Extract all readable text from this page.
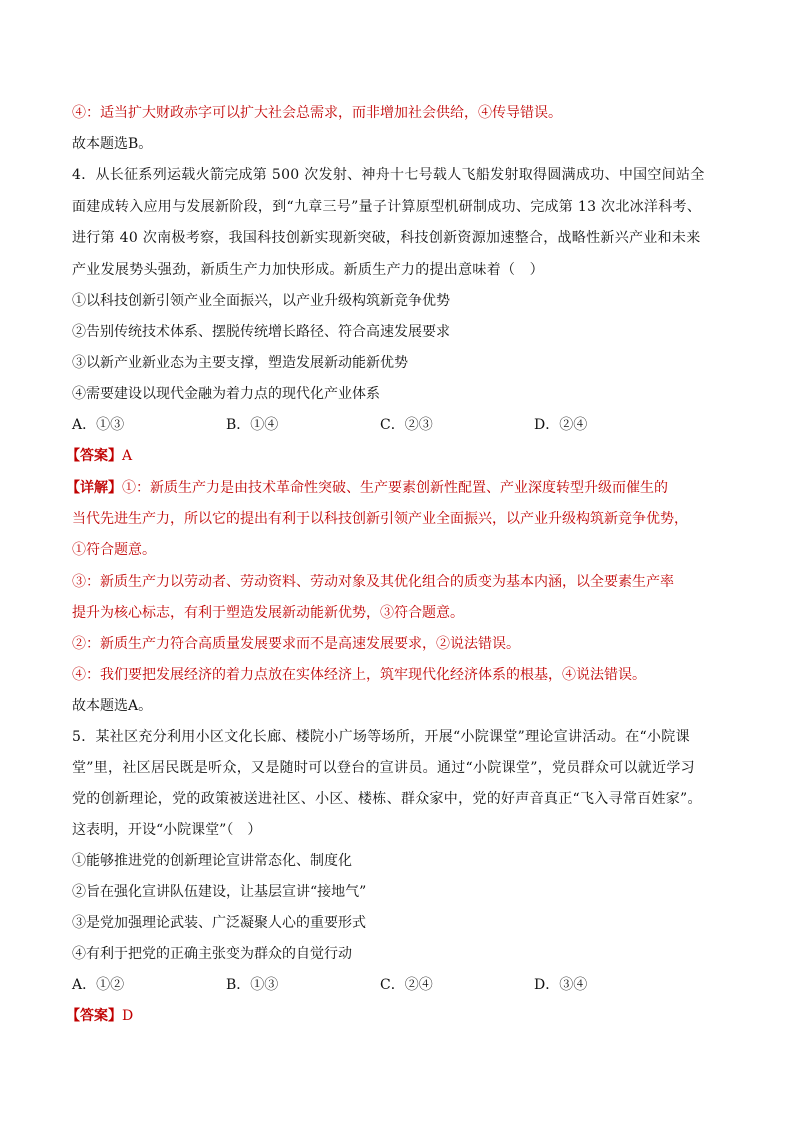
④：适当扩大财政赤字可以扩大社会总需求，而非增加社会供给，④传导错误。
故本题选B。
4．从长征系列运载火箭完成第 500 次发射、神舟十七号载人飞船发射取得圆满成功、中国空间站全
面建成转入应用与发展新阶段，到“九章三号”量子计算原型机研制成功、完成第 13 次北冰洋科考、
进行第 40 次南极考察，我国科技创新实现新突破，科技创新资源加速整合，战略性新兴产业和未来
产业发展势头强劲，新质生产力加快形成。新质生产力的提出意味着（　）
①以科技创新引领产业全面振兴，以产业升级构筑新竞争优势
②告别传统技术体系、摆脱传统增长路径、符合高速发展要求
③以新产业新业态为主要支撑，塑造发展新动能新优势
④需要建设以现代金融为着力点的现代化产业体系
A．①③	B．①④	C．②③	D．②④
【答案】A
【详解】①：新质生产力是由技术革命性突破、生产要素创新性配置、产业深度转型升级而催生的
当代先进生产力，所以它的提出有利于以科技创新引领产业全面振兴，以产业升级构筑新竞争优势，
①符合题意。
③：新质生产力以劳动者、劳动资料、劳动对象及其优化组合的质变为基本内涵，以全要素生产率
提升为核心标志，有利于塑造发展新动能新优势，③符合题意。
②：新质生产力符合高质量发展要求而不是高速发展要求，②说法错误。
④：我们要把发展经济的着力点放在实体经济上，筑牢现代化经济体系的根基，④说法错误。
故本题选A。
5．某社区充分利用小区文化长廊、楼院小广场等场所，开展“小院课堂”理论宣讲活动。在“小院课
堂”里，社区居民既是听众，又是随时可以登台的宣讲员。通过“小院课堂”，党员群众可以就近学习
党的创新理论，党的政策被送进社区、小区、楼栋、群众家中，党的好声音真正“飞入寻常百姓家”。
这表明，开设“小院课堂”（　）
①能够推进党的创新理论宣讲常态化、制度化
②旨在强化宣讲队伍建设，让基层宣讲“接地气”
③是党加强理论武装、广泛凝聚人心的重要形式
④有利于把党的正确主张变为群众的自觉行动
A．①②	B．①③	C．②④	D．③④
【答案】D
